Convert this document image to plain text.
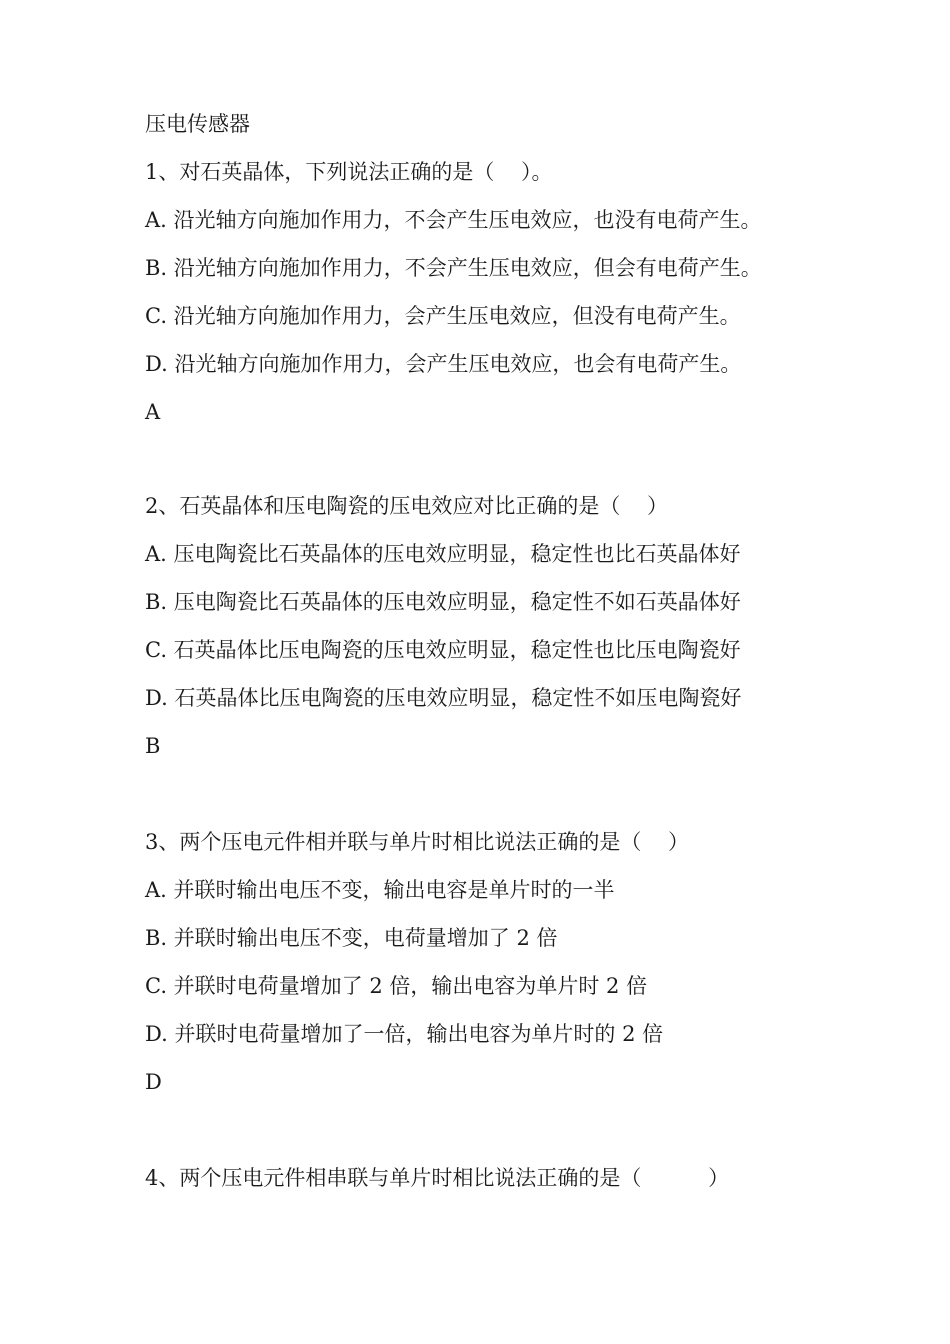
压电传感器
1、对石英晶体，下列说法正确的是（    ）。
A. 沿光轴方向施加作用力，不会产生压电效应，也没有电荷产生。
B. 沿光轴方向施加作用力，不会产生压电效应，但会有电荷产生。
C. 沿光轴方向施加作用力，会产生压电效应，但没有电荷产生。
D. 沿光轴方向施加作用力，会产生压电效应，也会有电荷产生。
A
2、石英晶体和压电陶瓷的压电效应对比正确的是（    ）
A. 压电陶瓷比石英晶体的压电效应明显，稳定性也比石英晶体好
B. 压电陶瓷比石英晶体的压电效应明显，稳定性不如石英晶体好
C. 石英晶体比压电陶瓷的压电效应明显，稳定性也比压电陶瓷好
D. 石英晶体比压电陶瓷的压电效应明显，稳定性不如压电陶瓷好
B
3、两个压电元件相并联与单片时相比说法正确的是（    ）
A. 并联时输出电压不变，输出电容是单片时的一半
B. 并联时输出电压不变，电荷量增加了 2 倍
C. 并联时电荷量增加了 2 倍，输出电容为单片时 2 倍
D. 并联时电荷量增加了一倍，输出电容为单片时的 2 倍
D
4、两个压电元件相串联与单片时相比说法正确的是（          ）
